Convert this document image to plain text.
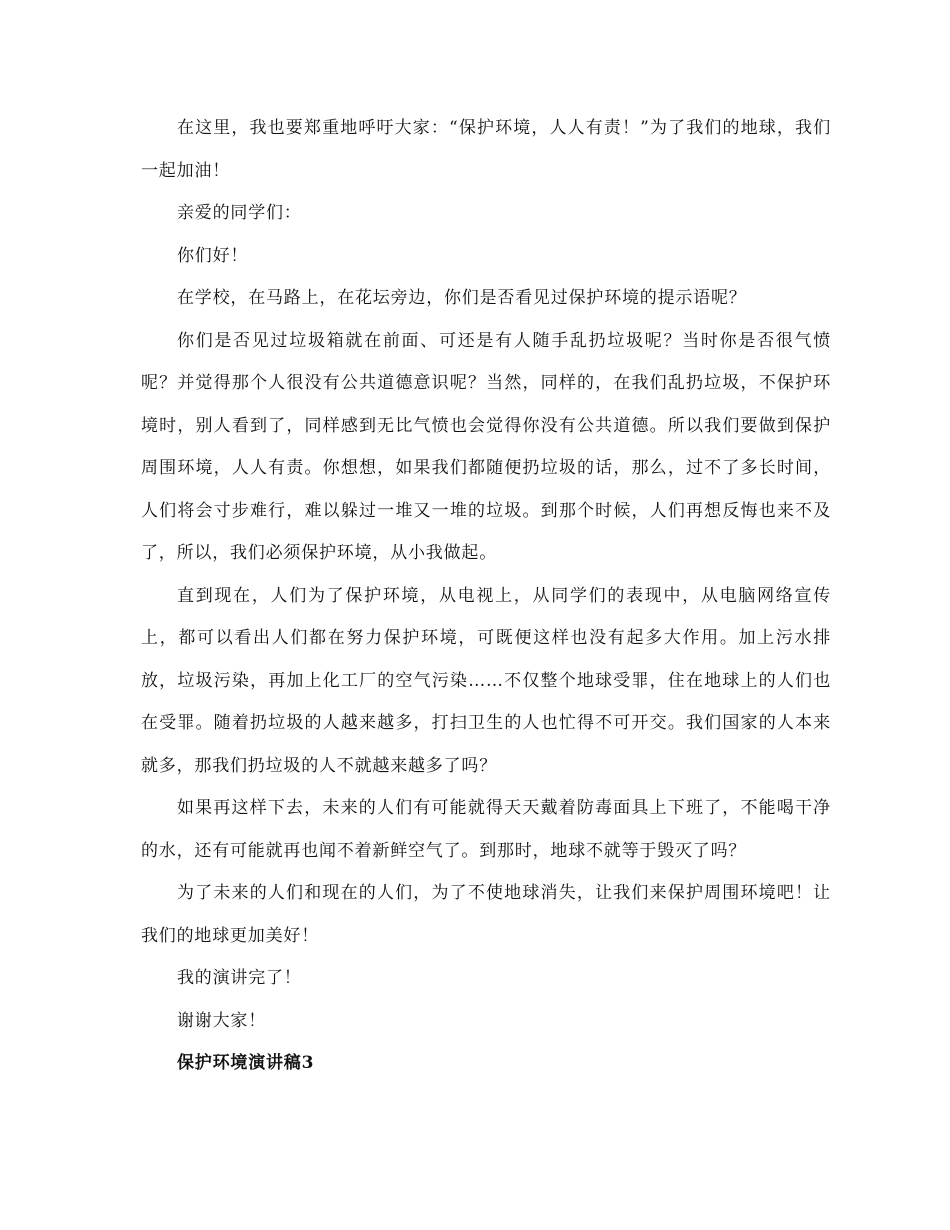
在这里，我也要郑重地呼吁大家：“保护环境，人人有责！”为了我们的地球，我们一起加油！

亲爱的同学们：

你们好！

在学校，在马路上，在花坛旁边，你们是否看见过保护环境的提示语呢？

你们是否见过垃圾箱就在前面、可还是有人随手乱扔垃圾呢？当时你是否很气愤呢？并觉得那个人很没有公共道德意识呢？当然，同样的，在我们乱扔垃圾，不保护环境时，别人看到了，同样感到无比气愤也会觉得你没有公共道德。所以我们要做到保护周围环境，人人有责。你想想，如果我们都随便扔垃圾的话，那么，过不了多长时间，人们将会寸步难行，难以躲过一堆又一堆的垃圾。到那个时候，人们再想反悔也来不及了，所以，我们必须保护环境，从小我做起。

直到现在，人们为了保护环境，从电视上，从同学们的表现中，从电脑网络宣传上，都可以看出人们都在努力保护环境，可既便这样也没有起多大作用。加上污水排放，垃圾污染，再加上化工厂的空气污染……不仅整个地球受罪，住在地球上的人们也在受罪。随着扔垃圾的人越来越多，打扫卫生的人也忙得不可开交。我们国家的人本来就多，那我们扔垃圾的人不就越来越多了吗？

如果再这样下去，未来的人们有可能就得天天戴着防毒面具上下班了，不能喝干净的水，还有可能就再也闻不着新鲜空气了。到那时，地球不就等于毁灭了吗？

为了未来的人们和现在的人们，为了不使地球消失，让我们来保护周围环境吧！让我们的地球更加美好！

我的演讲完了！

谢谢大家！

保护环境演讲稿3
